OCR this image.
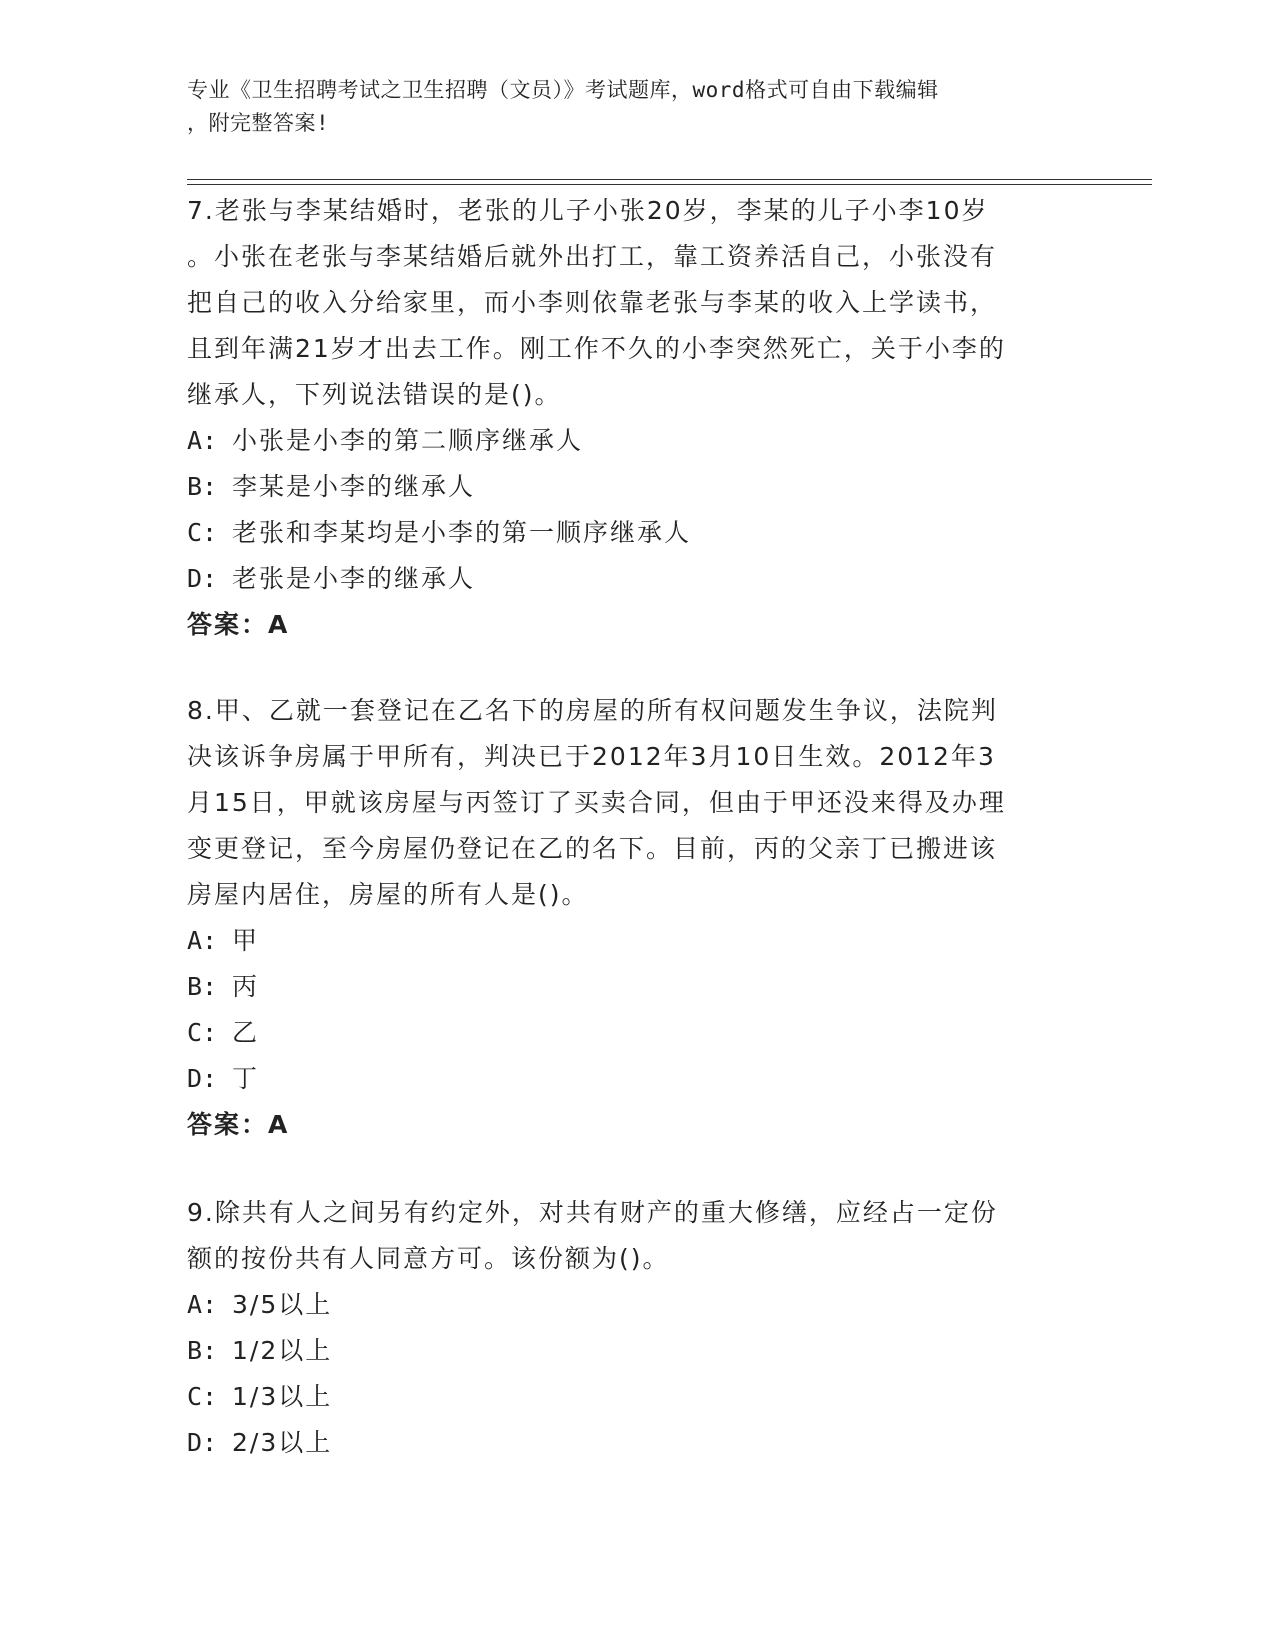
专业《卫生招聘考试之卫生招聘（文员）》考试题库，word格式可自由下载编辑
，附完整答案!
7.老张与李某结婚时，老张的儿子小张20岁，李某的儿子小李10岁
。小张在老张与李某结婚后就外出打工，靠工资养活自己，小张没有
把自己的收入分给家里，而小李则依靠老张与李某的收入上学读书，
且到年满21岁才出去工作。刚工作不久的小李突然死亡，关于小李的
继承人，下列说法错误的是()。
A: 小张是小李的第二顺序继承人
B: 李某是小李的继承人
C: 老张和李某均是小李的第一顺序继承人
D: 老张是小李的继承人
答案：A
8.甲、乙就一套登记在乙名下的房屋的所有权问题发生争议，法院判
决该诉争房属于甲所有，判决已于2012年3月10日生效。2012年3
月15日，甲就该房屋与丙签订了买卖合同，但由于甲还没来得及办理
变更登记，至今房屋仍登记在乙的名下。目前，丙的父亲丁已搬进该
房屋内居住，房屋的所有人是()。
A: 甲
B: 丙
C: 乙
D: 丁
答案：A
9.除共有人之间另有约定外，对共有财产的重大修缮，应经占一定份
额的按份共有人同意方可。该份额为()。
A: 3/5以上
B: 1/2以上
C: 1/3以上
D: 2/3以上
